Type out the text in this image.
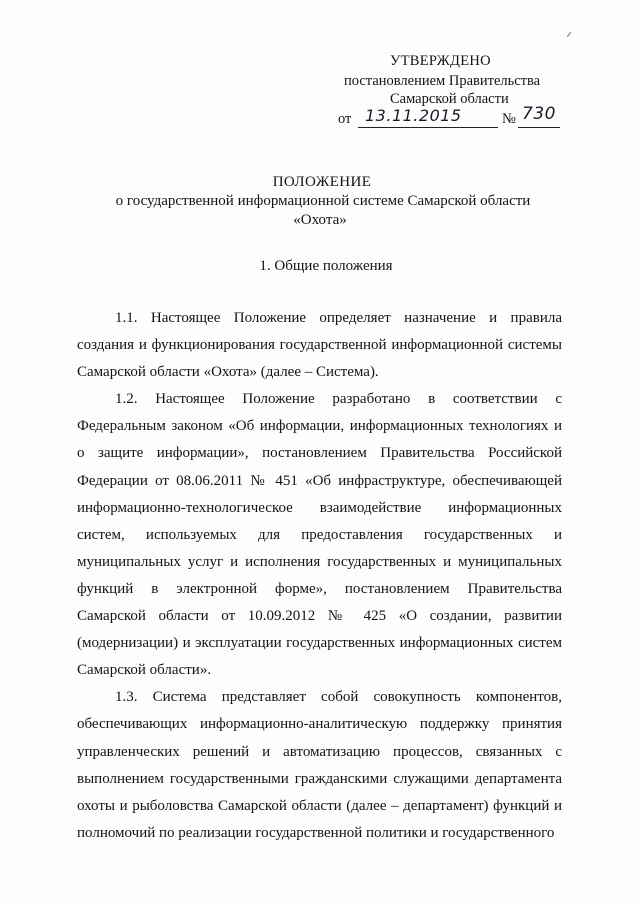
УТВЕРЖДЕНО
постановлением Правительства
Самарской области
от 13.11.2015	№ 730
ПОЛОЖЕНИЕ
о государственной информационной системе Самарской области
«Охота»
1. Общие положения

1.1. Настоящее Положение определяет назначение и правила создания и функционирования государственной информационной системы Самарской области «Охота» (далее – Система).

1.2. Настоящее Положение разработано в соответствии с Федеральным законом «Об информации, информационных технологиях и о защите информации», постановлением Правительства Российской Федерации от 08.06.2011 № 451 «Об инфраструктуре, обеспечивающей информационно-технологическое взаимодействие информационных систем, используемых для предоставления государственных и муниципальных услуг и исполнения государственных и муниципальных функций в электронной форме», постановлением Правительства Самарской области от 10.09.2012 № 425 «О создании, развитии (модернизации) и эксплуатации государственных информационных систем Самарской области».

1.3. Система представляет собой совокупность компонентов, обеспечивающих информационно-аналитическую поддержку принятия управленческих решений и автоматизацию процессов, связанных с выполнением государственными гражданскими служащими департамента охоты и рыболовства Самарской области (далее – департамент) функций и полномочий по реализации государственной политики и государственного
